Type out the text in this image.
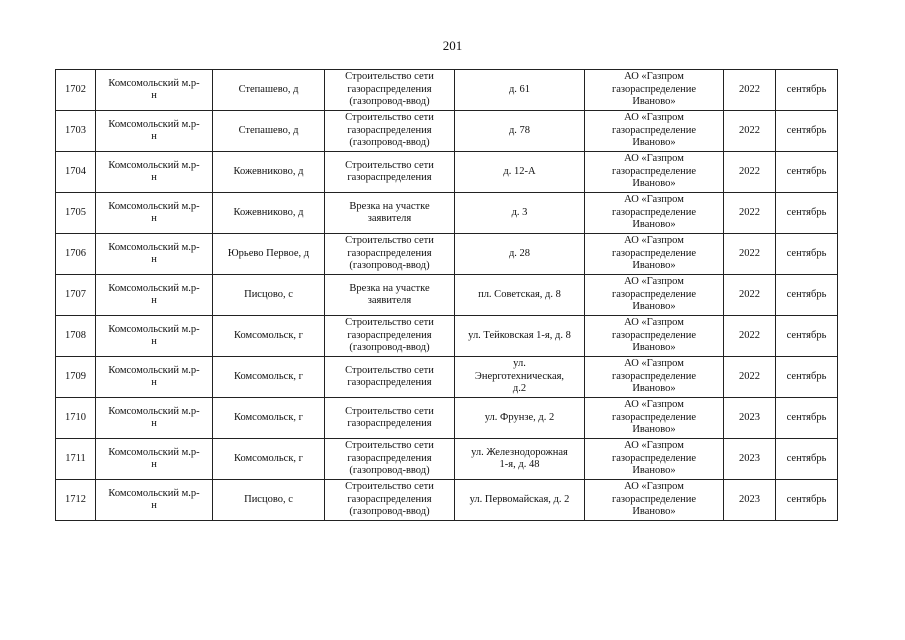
201
1702	Комсомольский м.р-
н	Степашево, д	Строительство сети
газораспределения
(газопровод-ввод)	д. 61	АО «Газпром
газораспределение
Иваново»	2022	сентябрь
1703	Комсомольский м.р-
н	Степашево, д	Строительство сети
газораспределения
(газопровод-ввод)	д. 78	АО «Газпром
газораспределение
Иваново»	2022	сентябрь
1704	Комсомольский м.р-
н	Кожевниково, д	Строительство сети
газораспределения	д. 12-А	АО «Газпром
газораспределение
Иваново»	2022	сентябрь
1705	Комсомольский м.р-
н	Кожевниково, д	Врезка на участке
заявителя	д. 3	АО «Газпром
газораспределение
Иваново»	2022	сентябрь
1706	Комсомольский м.р-
н	Юрьево Первое, д	Строительство сети
газораспределения
(газопровод-ввод)	д. 28	АО «Газпром
газораспределение
Иваново»	2022	сентябрь
1707	Комсомольский м.р-
н	Писцово, с	Врезка на участке
заявителя	пл. Советская, д. 8	АО «Газпром
газораспределение
Иваново»	2022	сентябрь
1708	Комсомольский м.р-
н	Комсомольск, г	Строительство сети
газораспределения
(газопровод-ввод)	ул. Тейковская 1-я, д. 8	АО «Газпром
газораспределение
Иваново»	2022	сентябрь
1709	Комсомольский м.р-
н	Комсомольск, г	Строительство сети
газораспределения	ул.
Энерготехническая,
д.2	АО «Газпром
газораспределение
Иваново»	2022	сентябрь
1710	Комсомольский м.р-
н	Комсомольск, г	Строительство сети
газораспределения	ул. Фрунзе, д. 2	АО «Газпром
газораспределение
Иваново»	2023	сентябрь
1711	Комсомольский м.р-
н	Комсомольск, г	Строительство сети
газораспределения
(газопровод-ввод)	ул. Железнодорожная
1-я, д. 48	АО «Газпром
газораспределение
Иваново»	2023	сентябрь
1712	Комсомольский м.р-
н	Писцово, с	Строительство сети
газораспределения
(газопровод-ввод)	ул. Первомайская, д. 2	АО «Газпром
газораспределение
Иваново»	2023	сентябрь
